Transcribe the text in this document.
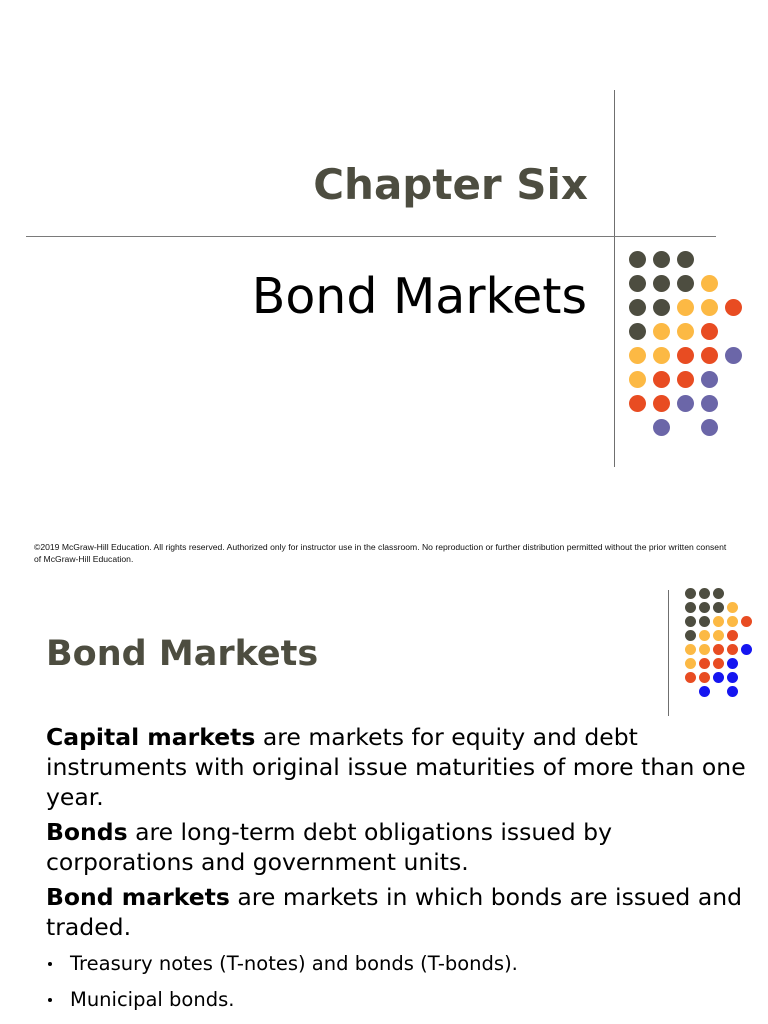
Chapter Six
Bond Markets
©2019 McGraw-Hill Education. All rights reserved. Authorized only for instructor use in the classroom. No reproduction or further distribution permitted without the prior written consent of McGraw-Hill Education.
Bond Markets

Capital markets are markets for equity and debt instruments with original issue maturities of more than one year.

Bonds are long-term debt obligations issued by corporations and government units.

Bond markets are markets in which bonds are issued and traded.

Treasury notes (T-notes) and bonds (T-bonds).
Municipal bonds.
